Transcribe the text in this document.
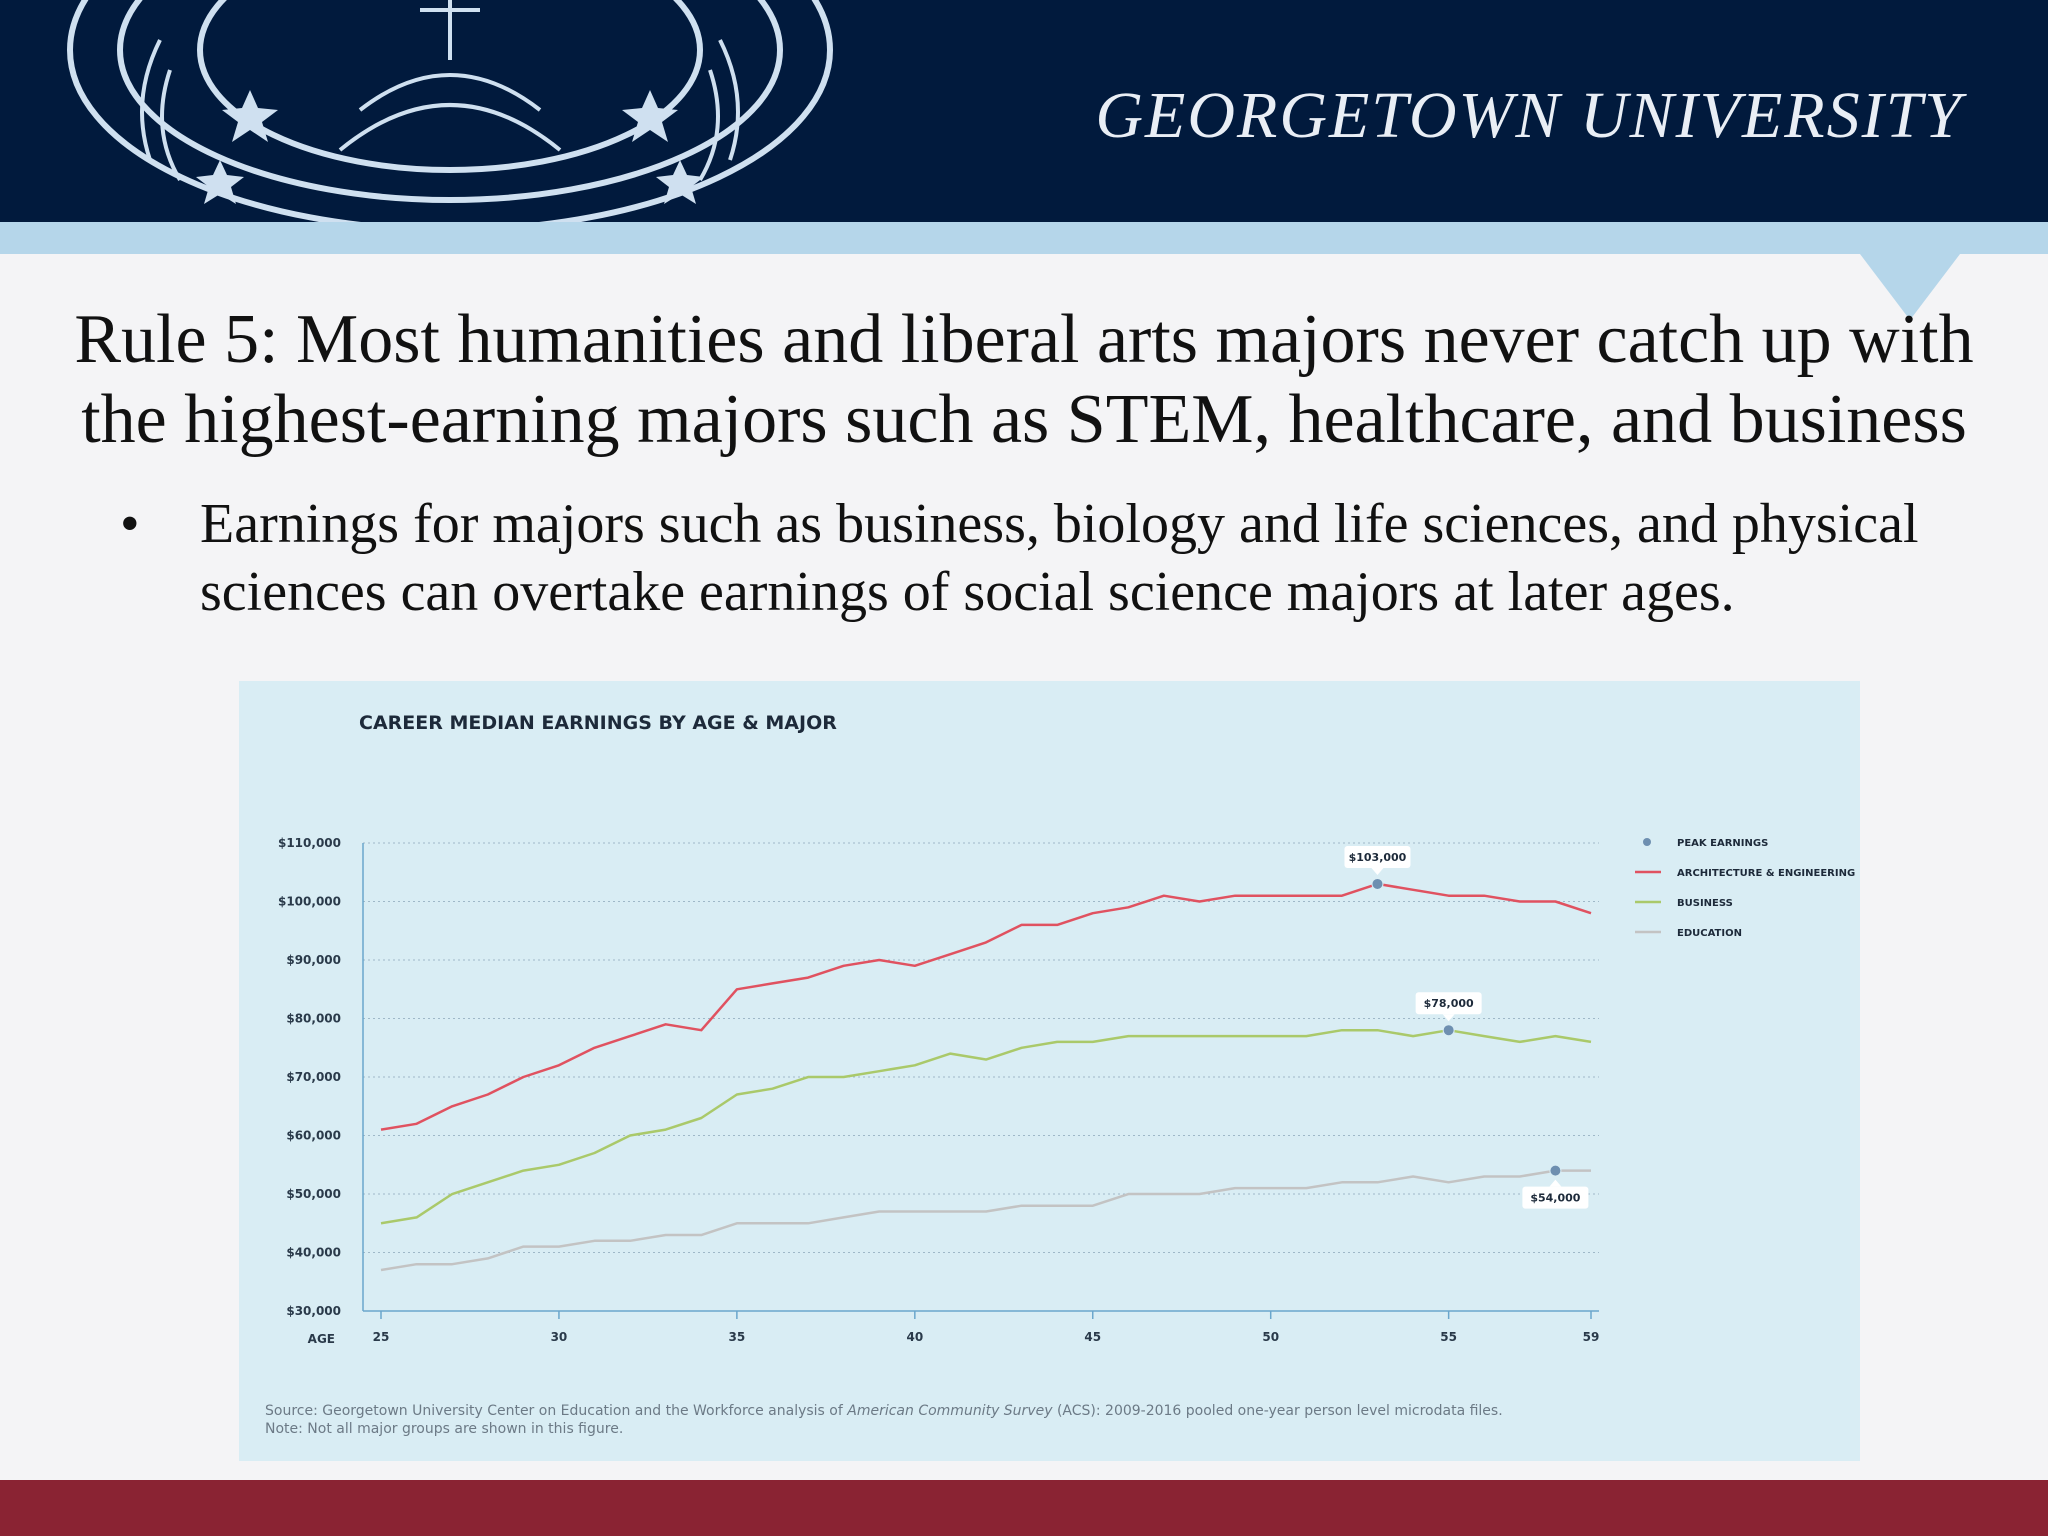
GEORGETOWN UNIVERSITY
Rule 5: Most humanities and liberal arts majors never catch up with
the highest-earning majors such as STEM, healthcare, and business
• Earnings for majors such as business, biology and life sciences, and physical
sciences can overtake earnings of social science majors at later ages.
CAREER MEDIAN EARNINGS BY AGE & MAJOR
$30,000
$40,000
$50,000
$60,000
$70,000
$80,000
$90,000
$100,000
$110,000
25	30	35	40	45	50	55	59
AGE
$103,000
$78,000
$54,000
PEAK EARNINGS
ARCHITECTURE & ENGINEERING
BUSINESS
EDUCATION
Source: Georgetown University Center on Education and the Workforce analysis of American Community Survey (ACS): 2009-2016 pooled one-year person level microdata files.
Note: Not all major groups are shown in this figure.
